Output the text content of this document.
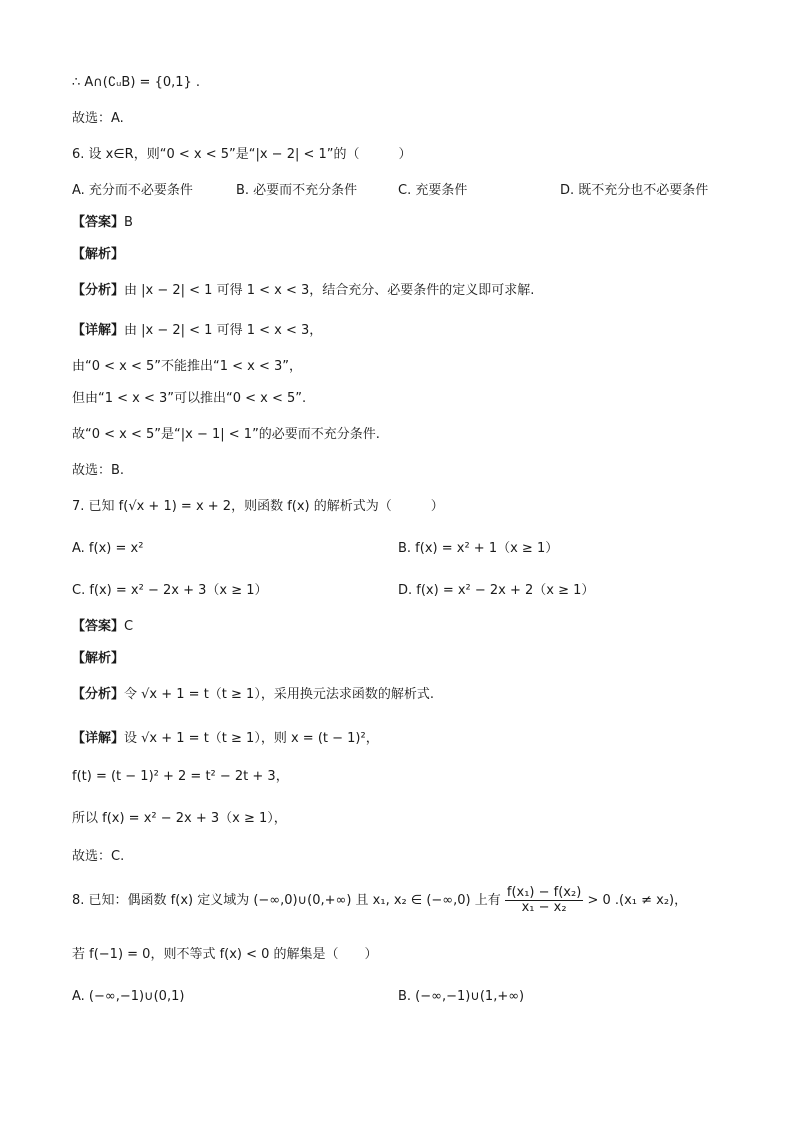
∴ A∩(∁ᵤB) = {0,1} .
故选：A.
6. 设 x∈R，则“0 < x < 5”是“|x − 2| < 1”的（　　　）
A. 充分而不必要条件	B. 必要而不充分条件	C. 充要条件	D. 既不充分也不必要条件
【答案】B
【解析】
【分析】由 |x − 2| < 1 可得 1 < x < 3，结合充分、必要条件的定义即可求解.
【详解】由 |x − 2| < 1 可得 1 < x < 3，
由“0 < x < 5”不能推出“1 < x < 3”，
但由“1 < x < 3”可以推出“0 < x < 5”.
故“0 < x < 5”是“|x − 1| < 1”的必要而不充分条件.
故选：B.
7. 已知 f(√x + 1) = x + 2，则函数 f(x) 的解析式为（　　　）
A. f(x) = x²	B. f(x) = x² + 1（x ≥ 1）
C. f(x) = x² − 2x + 3（x ≥ 1）	D. f(x) = x² − 2x + 2（x ≥ 1）
【答案】C
【解析】
【分析】令 √x + 1 = t（t ≥ 1），采用换元法求函数的解析式.
【详解】设 √x + 1 = t（t ≥ 1），则 x = (t − 1)²，
f(t) = (t − 1)² + 2 = t² − 2t + 3，
所以 f(x) = x² − 2x + 3（x ≥ 1），
故选：C.
8. 已知：偶函数 f(x) 定义域为 (−∞,0)∪(0,+∞) 且 x₁, x₂ ∈ (−∞,0) 上有 $\frac{\text{f(x₁) − f(x₂)}}{\text{x₁ − x₂}} > 0$ .(x₁ ≠ x₂)，
若 f(−1) = 0，则不等式 f(x) < 0 的解集是（　　）
A. (−∞,−1)∪(0,1)	B. (−∞,−1)∪(1,+∞)
